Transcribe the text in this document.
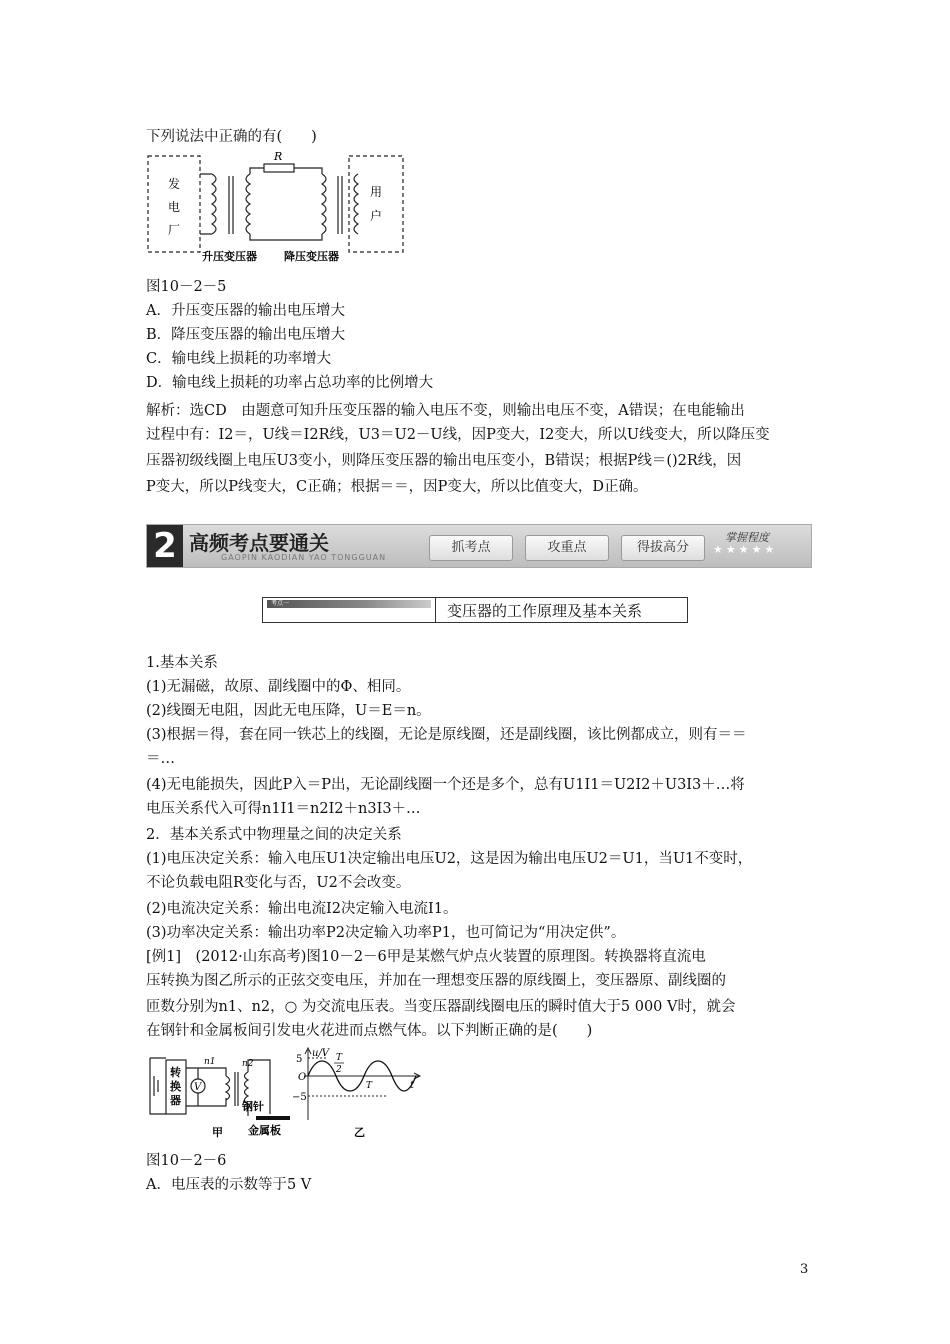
下列说法中正确的有(　　)
R
发
电
厂
用
户
升压变压器 降压变压器
图10－2－5
A．升压变压器的输出电压增大
B．降压变压器的输出电压增大
C．输电线上损耗的功率增大
D．输电线上损耗的功率占总功率的比例增大
解析：选CD　由题意可知升压变压器的输入电压不变，则输出电压不变，A错误；在电能输出
过程中有：I2＝，U线＝I2R线，U3＝U2－U线，因P变大，I2变大，所以U线变大，所以降压变
压器初级线圈上电压U3变小，则降压变压器的输出电压变小，B错误；根据P线＝()2R线，因
P变大，所以P线变大，C正确；根据＝＝，因P变大，所以比值变大，D正确。
2 高频考点要通关
GAOPIN KAODIAN YAO TONGGUAN
抓考点	攻重点	得拔高分
掌握程度
★★★★★
考点一	变压器的工作原理及基本关系
1.基本关系
(1)无漏磁，故原、副线圈中的Φ、相同。
(2)线圈无电阻，因此无电压降，U＝E＝n。
(3)根据＝得，套在同一铁芯上的线圈，无论是原线圈，还是副线圈，该比例都成立，则有＝＝
＝…
(4)无电能损失，因此P入＝P出，无论副线圈一个还是多个，总有U1I1＝U2I2＋U3I3＋…将
电压关系代入可得n1I1＝n2I2＋n3I3＋…
2．基本关系式中物理量之间的决定关系
(1)电压决定关系：输入电压U1决定输出电压U2，这是因为输出电压U2＝U1，当U1不变时，
不论负载电阻R变化与否，U2不会改变。
(2)电流决定关系：输出电流I2决定输入电流I1。
(3)功率决定关系：输出功率P2决定输入功率P1，也可简记为“用决定供”。
[例1]　(2012·山东高考)图10－2－6甲是某燃气炉点火装置的原理图。转换器将直流电
压转换为图乙所示的正弦交变电压，并加在一理想变压器的原线圈上，变压器原、副线圈的
匝数分别为n1、n2，○ 为交流电压表。当变压器副线圈电压的瞬时值大于5 000 V时，就会
在钢针和金属板间引发电火花进而点燃气体。以下判断正确的是(　　)
转
换
器
V
n1	n2
钢针
金属板
甲
u/V
t
O
5
−5
T
2
T
乙
图10－2－6
A．电压表的示数等于5 V
3
